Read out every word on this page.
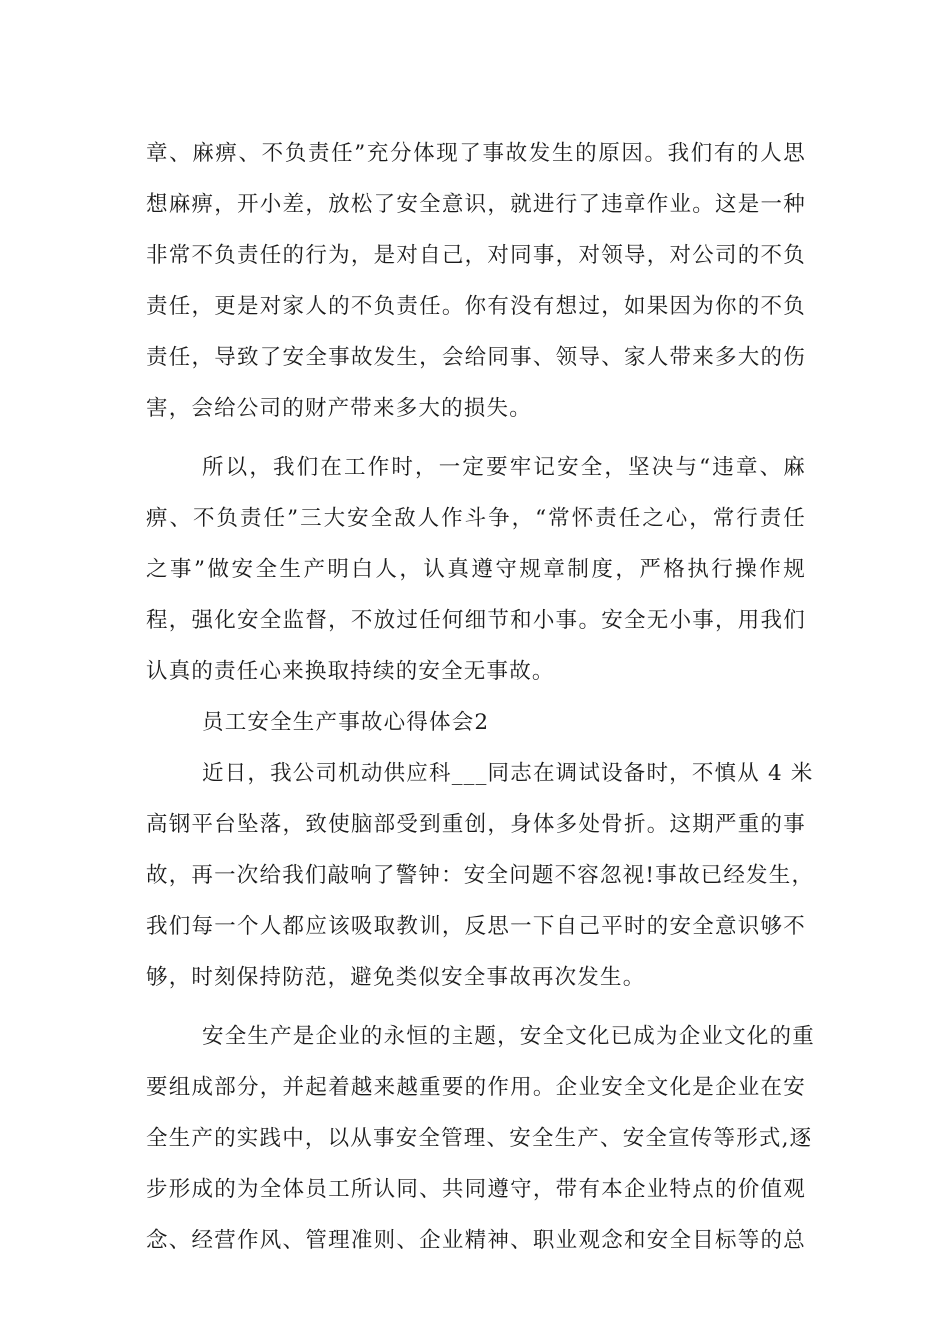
章、麻痹、不负责任”充分体现了事故发生的原因。我们有的人思
想麻痹，开小差，放松了安全意识，就进行了违章作业。这是一种
非常不负责任的行为，是对自己，对同事，对领导，对公司的不负
责任，更是对家人的不负责任。你有没有想过，如果因为你的不负
责任，导致了安全事故发生，会给同事、领导、家人带来多大的伤
害，会给公司的财产带来多大的损失。
所以，我们在工作时，一定要牢记安全，坚决与“违章、麻
痹、不负责任”三大安全敌人作斗争，“常怀责任之心，常行责任
之事”做安全生产明白人，认真遵守规章制度，严格执行操作规
程，强化安全监督，不放过任何细节和小事。安全无小事，用我们
认真的责任心来换取持续的安全无事故。
员工安全生产事故心得体会2
近日，我公司机动供应科___同志在调试设备时，不慎从 4 米
高钢平台坠落，致使脑部受到重创，身体多处骨折。这期严重的事
故，再一次给我们敲响了警钟：安全问题不容忽视!事故已经发生，
我们每一个人都应该吸取教训，反思一下自己平时的安全意识够不
够，时刻保持防范，避免类似安全事故再次发生。
安全生产是企业的永恒的主题，安全文化已成为企业文化的重
要组成部分，并起着越来越重要的作用。企业安全文化是企业在安
全生产的实践中，以从事安全管理、安全生产、安全宣传等形式,逐
步形成的为全体员工所认同、共同遵守，带有本企业特点的价值观
念、经营作风、管理准则、企业精神、职业观念和安全目标等的总
